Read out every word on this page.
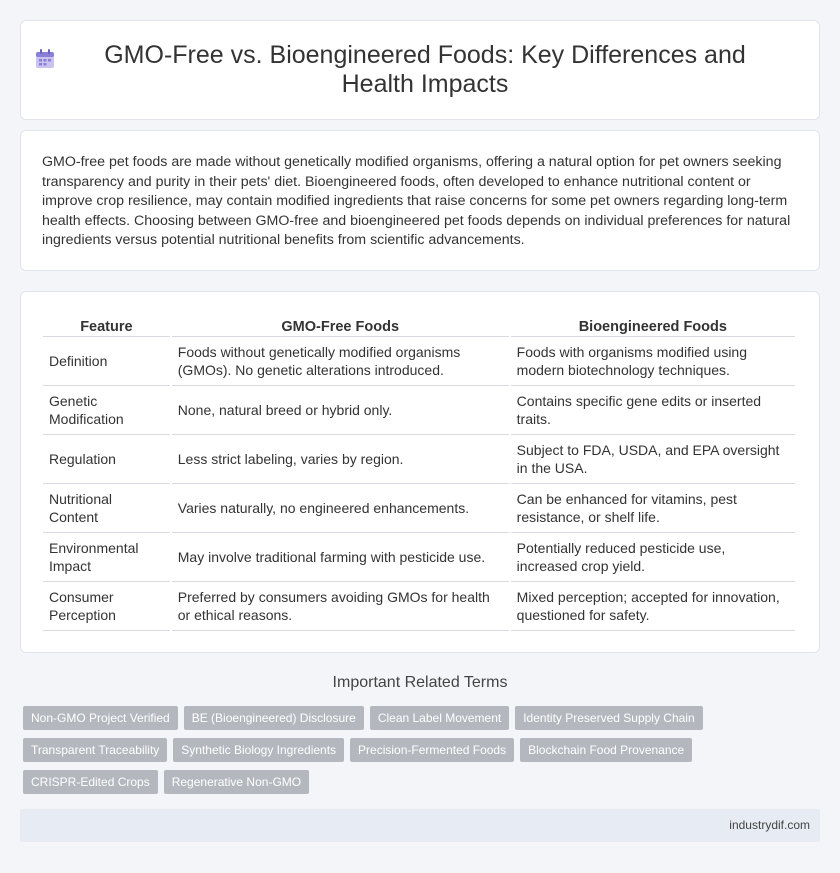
GMO-Free vs. Bioengineered Foods: Key Differences and Health Impacts

GMO-free pet foods are made without genetically modified organisms, offering a natural option for pet owners seeking transparency and purity in their pets' diet. Bioengineered foods, often developed to enhance nutritional content or improve crop resilience, may contain modified ingredients that raise concerns for some pet owners regarding long-term health effects. Choosing between GMO-free and bioengineered pet foods depends on individual preferences for natural ingredients versus potential nutritional benefits from scientific advancements.

Feature	GMO-Free Foods	Bioengineered Foods
Definition	Foods without genetically modified organisms (GMOs). No genetic alterations introduced.	Foods with organisms modified using modern biotechnology techniques.
Genetic Modification	None, natural breed or hybrid only.	Contains specific gene edits or inserted traits.
Regulation	Less strict labeling, varies by region.	Subject to FDA, USDA, and EPA oversight in the USA.
Nutritional Content	Varies naturally, no engineered enhancements.	Can be enhanced for vitamins, pest resistance, or shelf life.
Environmental Impact	May involve traditional farming with pesticide use.	Potentially reduced pesticide use, increased crop yield.
Consumer Perception	Preferred by consumers avoiding GMOs for health or ethical reasons.	Mixed perception; accepted for innovation, questioned for safety.
Important Related Terms
Non-GMO Project Verified	BE (Bioengineered) Disclosure	Clean Label Movement	Identity Preserved Supply Chain
Transparent Traceability	Synthetic Biology Ingredients	Precision-Fermented Foods	Blockchain Food Provenance
CRISPR-Edited Crops	Regenerative Non-GMO
industrydif.com
